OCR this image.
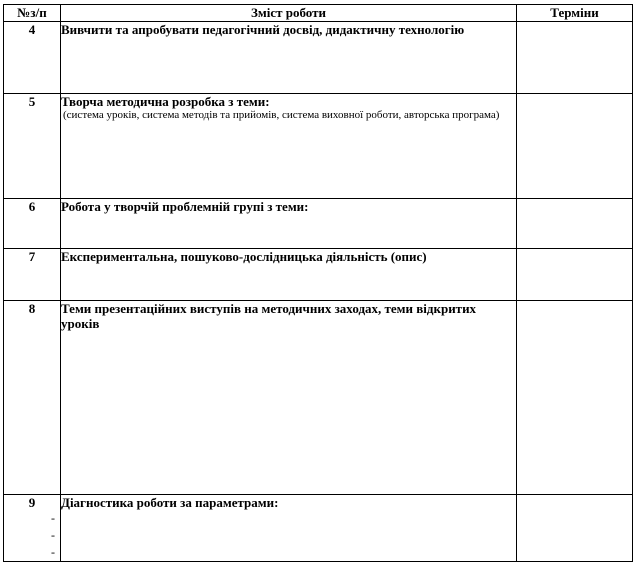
№з/п	Зміст роботи	Терміни
4	Вивчити та апробувати педагогічний досвід, дидактичну технологію	

5	Творча методична розробка з теми:
(система уроків, система методів та прийомів, система виховної роботи, авторська програма)	

6	Робота у творчій проблемній групі з теми:	

7	Експериментальна, пошуково-дослідницька діяльність (опис)	

8	Теми презентаційних виступів на методичних заходах, теми відкритих уроків	

9	Діагностика роботи за параметрами:
-
-
-	
